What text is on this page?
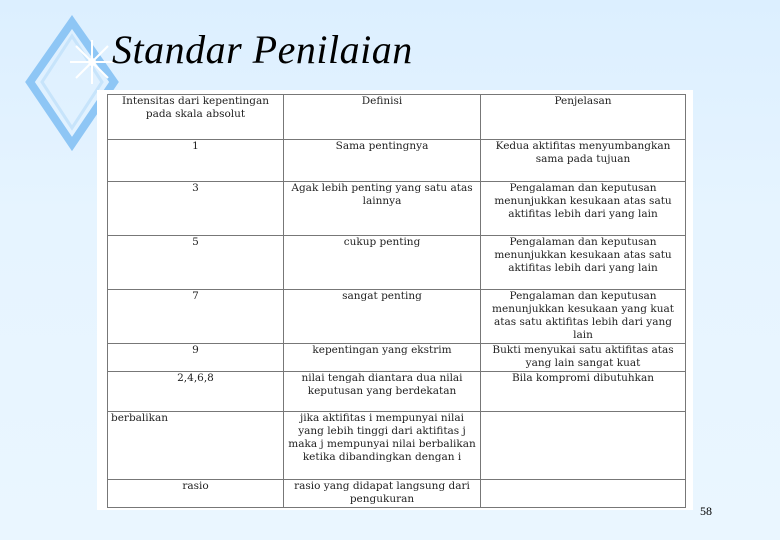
Standar Penilaian
Intensitas dari kepentingan pada skala absolut	Definisi	Penjelasan
1	Sama pentingnya	Kedua aktifitas menyumbangkan sama pada tujuan
3	Agak lebih penting yang satu atas lainnya	Pengalaman dan keputusan menunjukkan kesukaan atas satu aktifitas lebih dari yang lain
5	cukup penting	Pengalaman dan keputusan menunjukkan kesukaan atas satu aktifitas lebih dari yang lain
7	sangat penting	Pengalaman dan keputusan menunjukkan kesukaan yang kuat atas satu aktifitas lebih dari yang lain
9	kepentingan yang ekstrim	Bukti menyukai satu aktifitas atas yang lain sangat kuat
2,4,6,8	nilai tengah diantara dua nilai keputusan yang berdekatan	Bila kompromi dibutuhkan
berbalikan	jika aktifitas i mempunyai nilai yang lebih tinggi dari aktifitas j maka j mempunyai nilai berbalikan ketika dibandingkan dengan i	
rasio	rasio yang didapat langsung dari pengukuran	
58
